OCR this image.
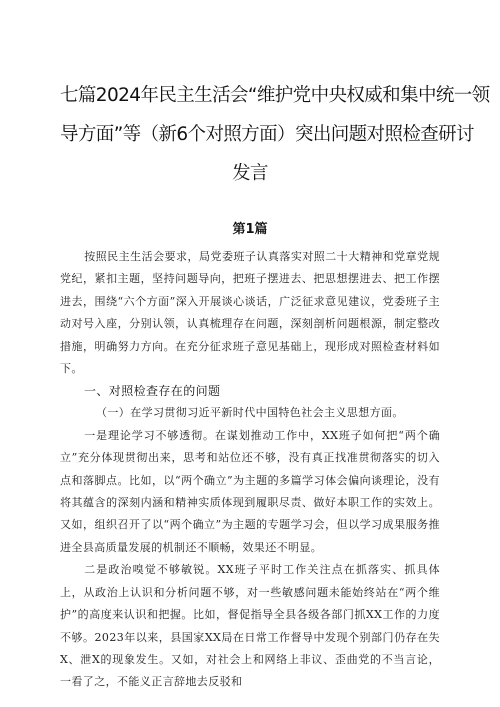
七篇2024年民主生活会“维护党中央权威和集中统一领
导方面”等（新6个对照方面）突出问题对照检查研讨
发言
第1篇

按照民主生活会要求，局党委班子认真落实对照二十大精神和党章党规党纪，紧扣主题，坚持问题导向，把班子摆进去、把思想摆进去、把工作摆进去，围绕“六个方面”深入开展谈心谈话，广泛征求意见建议，党委班子主动对号入座，分别认领，认真梳理存在问题，深刻剖析问题根源，制定整改措施，明确努力方向。在充分征求班子意见基础上，现形成对照检查材料如下。

一、对照检查存在的问题
（一）在学习贯彻习近平新时代中国特色社会主义思想方面。

一是理论学习不够透彻。在谋划推动工作中，XX班子如何把“两个确立”充分体现贯彻出来，思考和站位还不够，没有真正找准贯彻落实的切入点和落脚点。比如，以“两个确立”为主题的多篇学习体会偏向谈理论，没有将其蕴含的深刻内涵和精神实质体现到履职尽责、做好本职工作的实效上。又如，组织召开了以“两个确立”为主题的专题学习会，但以学习成果服务推进全县高质量发展的机制还不顺畅，效果还不明显。

二是政治嗅觉不够敏锐。XX班子平时工作关注点在抓落实、抓具体上，从政治上认识和分析问题不够，对一些敏感问题未能始终站在“两个维护”的高度来认识和把握。比如，督促指导全县各级各部门抓XX工作的力度不够。2023年以来，县国家XX局在日常工作督导中发现个别部门仍存在失X、泄X的现象发生。又如，对社会上和网络上非议、歪曲党的不当言论，一看了之，不能义正言辞地去反驳和
